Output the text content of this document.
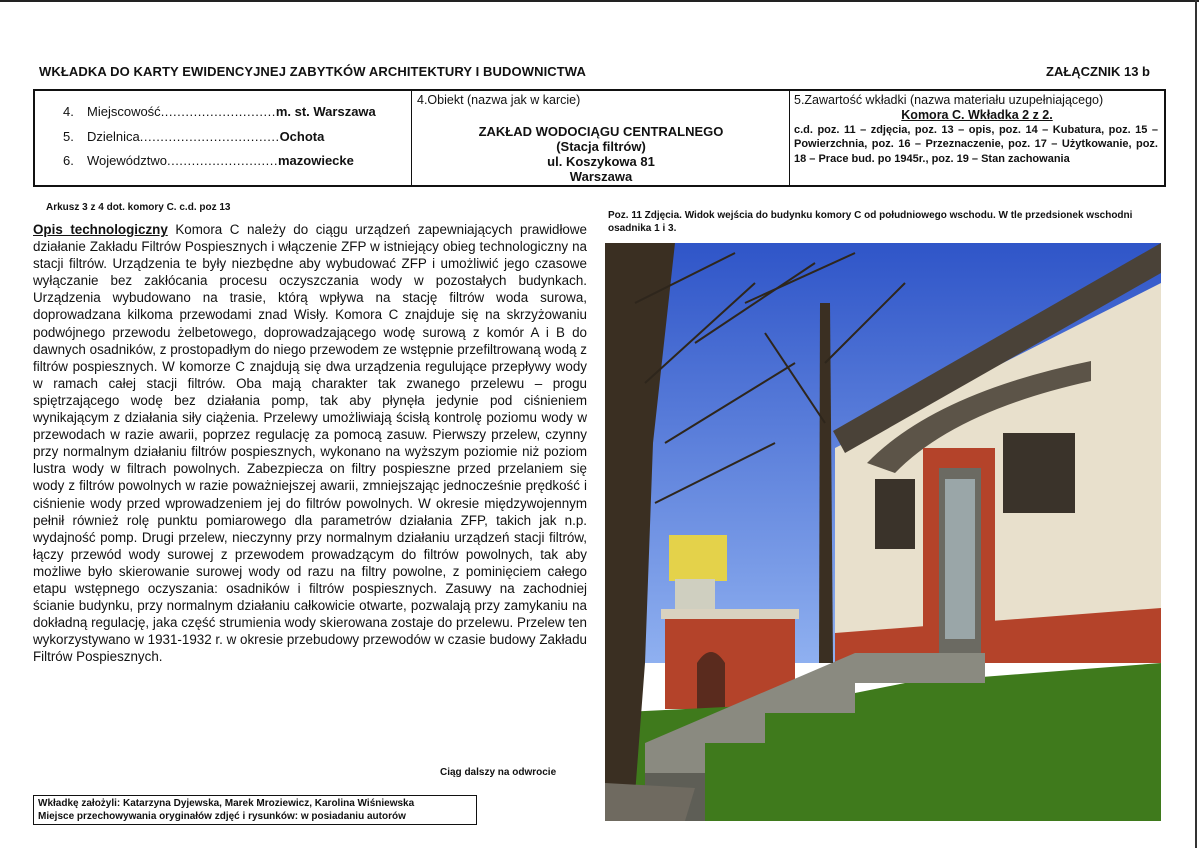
WKŁADKA DO KARTY EWIDENCYJNEJ ZABYTKÓW ARCHITEKTURY I BUDOWNICTWA	ZAŁĄCZNIK 13 b
4. Miejscowość............................m. st. Warszawa
5. Dzielnica..................................Ochota
6. Województwo...........................mazowiecke
4.Obiekt (nazwa jak w karcie)
ZAKŁAD WODOCIĄGU CENTRALNEGO
(Stacja filtrów)
ul. Koszykowa 81
Warszawa
5.Zawartość wkładki (nazwa materiału uzupełniającego)
Komora C. Wkładka 2 z 2.
c.d. poz. 11 – zdjęcia, poz. 13 – opis, poz. 14 – Kubatura, poz. 15 – Powierzchnia, poz. 16 – Przeznaczenie, poz. 17 – Użytkowanie, poz. 18 – Prace bud. po 1945r., poz. 19 – Stan zachowania
Arkusz 3 z 4 dot. komory C. c.d. poz 13
Opis technologiczny Komora C należy do ciągu urządzeń zapewniających prawidłowe działanie Zakładu Filtrów Pospiesznych i włączenie ZFP w istniejący obieg technologiczny na stacji filtrów. Urządzenia te były niezbędne aby wybudować ZFP i umożliwić jego czasowe wyłączanie bez zakłócania procesu oczyszczania wody w pozostałych budynkach. Urządzenia wybudowano na trasie, którą wpływa na stację filtrów woda surowa, doprowadzana kilkoma przewodami znad Wisły. Komora C znajduje się na skrzyżowaniu podwójnego przewodu żelbetowego, doprowadzającego wodę surową z komór A i B do dawnych osadników, z prostopadłym do niego przewodem ze wstępnie przefiltrowaną wodą z filtrów pospiesznych. W komorze C znajdują się dwa urządzenia regulujące przepływy wody w ramach całej stacji filtrów. Oba mają charakter tak zwanego przelewu – progu spiętrzającego wodę bez działania pomp, tak aby płynęła jedynie pod ciśnieniem wynikającym z działania siły ciążenia. Przelewy umożliwiają ścisłą kontrolę poziomu wody w przewodach w razie awarii, poprzez regulację za pomocą zasuw. Pierwszy przelew, czynny przy normalnym działaniu filtrów pospiesznych, wykonano na wyższym poziomie niż poziom lustra wody w filtrach powolnych. Zabezpiecza on filtry pospieszne przed przelaniem się wody z filtrów powolnych w razie poważniejszej awarii, zmniejszając jednocześnie prędkość i ciśnienie wody przed wprowadzeniem jej do filtrów powolnych. W okresie międzywojennym pełnił również rolę punktu pomiarowego dla parametrów działania ZFP, takich jak n.p. wydajność pomp. Drugi przelew, nieczynny przy normalnym działaniu urządzeń stacji filtrów, łączy przewód wody surowej z przewodem prowadzącym do filtrów powolnych, tak aby możliwe było skierowanie surowej wody od razu na filtry powolne, z pominięciem całego etapu wstępnego oczyszania: osadników i filtrów pospiesznych. Zasuwy na zachodniej ścianie budynku, przy normalnym działaniu całkowicie otwarte, pozwalają przy zamykaniu na dokładną regulację, jaka część strumienia wody skierowana zostaje do przelewu. Przelew ten wykorzystywano w 1931-1932 r. w okresie przebudowy przewodów w czasie budowy Zakładu Filtrów Pospiesznych.
Ciąg dalszy na odwrocie
Wkładkę założyli: Katarzyna Dyjewska, Marek Mroziewicz, Karolina Wiśniewska
Miejsce przechowywania oryginałów zdjęć i rysunków: w posiadaniu autorów
Poz. 11 Zdjęcia. Widok wejścia do budynku komory C od południowego wschodu. W tle przedsionek wschodni osadnika 1 i 3.
